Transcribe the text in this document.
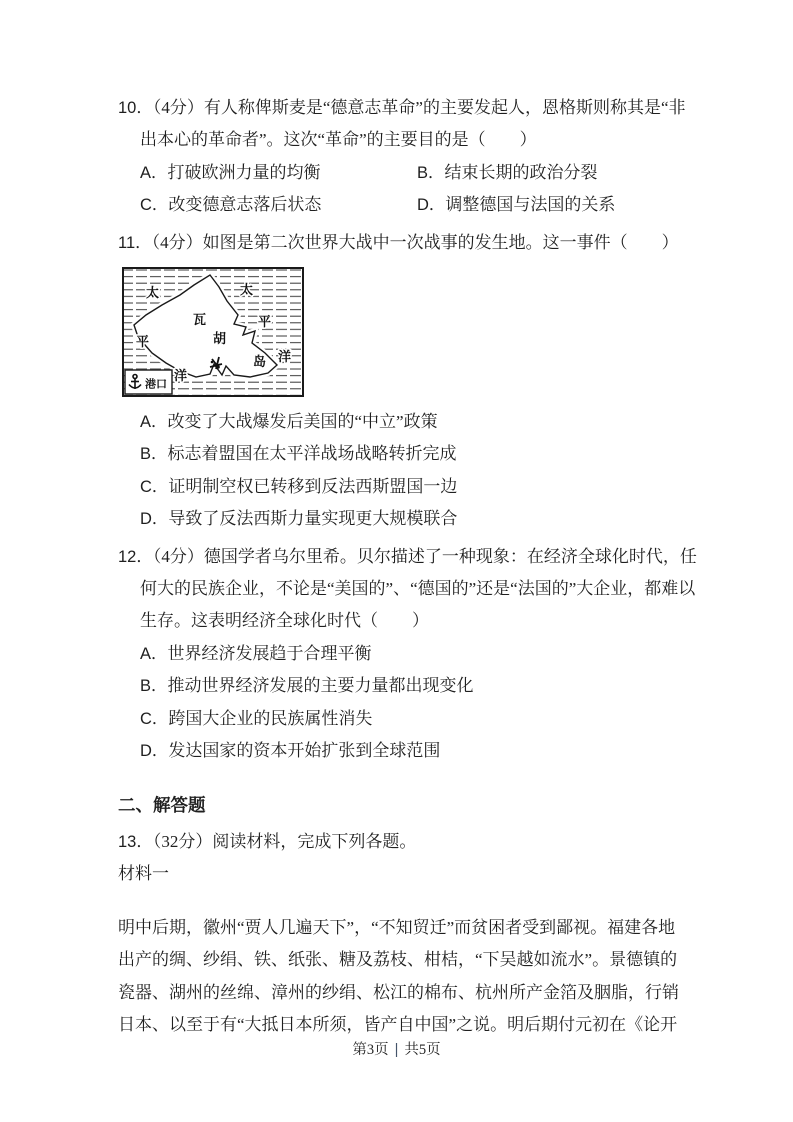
10．（4分）有人称俾斯麦是“德意志革命”的主要发起人，恩格斯则称其是“非
出本心的革命者”。这次“革命”的主要目的是（　　）
A．打破欧洲力量的均衡	B．结束长期的政治分裂
C．改变德意志落后状态	D．调整德国与法国的关系
11．（4分）如图是第二次世界大战中一次战事的发生地。这一事件（　　）
太	太
平
平
洋
洋
瓦
胡
岛
港口
A．改变了大战爆发后美国的“中立”政策
B．标志着盟国在太平洋战场战略转折完成
C．证明制空权已转移到反法西斯盟国一边
D．导致了反法西斯力量实现更大规模联合
12．（4分）德国学者乌尔里希。贝尔描述了一种现象：在经济全球化时代，任
何大的民族企业，不论是“美国的”、“德国的”还是“法国的”大企业，都难以
生存。这表明经济全球化时代（　　）
A．世界经济发展趋于合理平衡
B．推动世界经济发展的主要力量都出现变化
C．跨国大企业的民族属性消失
D．发达国家的资本开始扩张到全球范围
二、解答题
13．（32分）阅读材料，完成下列各题。
材料一
明中后期，徽州“贾人几遍天下”，“不知贸迁”而贫困者受到鄙视。福建各地
出产的绸、纱绢、铁、纸张、糖及荔枝、柑桔，“下吴越如流水”。景德镇的
瓷器、湖州的丝绵、漳州的纱绢、松江的棉布、杭州所产金箔及胭脂，行销
日本、以至于有“大抵日本所须，皆产自中国”之说。明后期付元初在《论开
第3页 | 共5页
